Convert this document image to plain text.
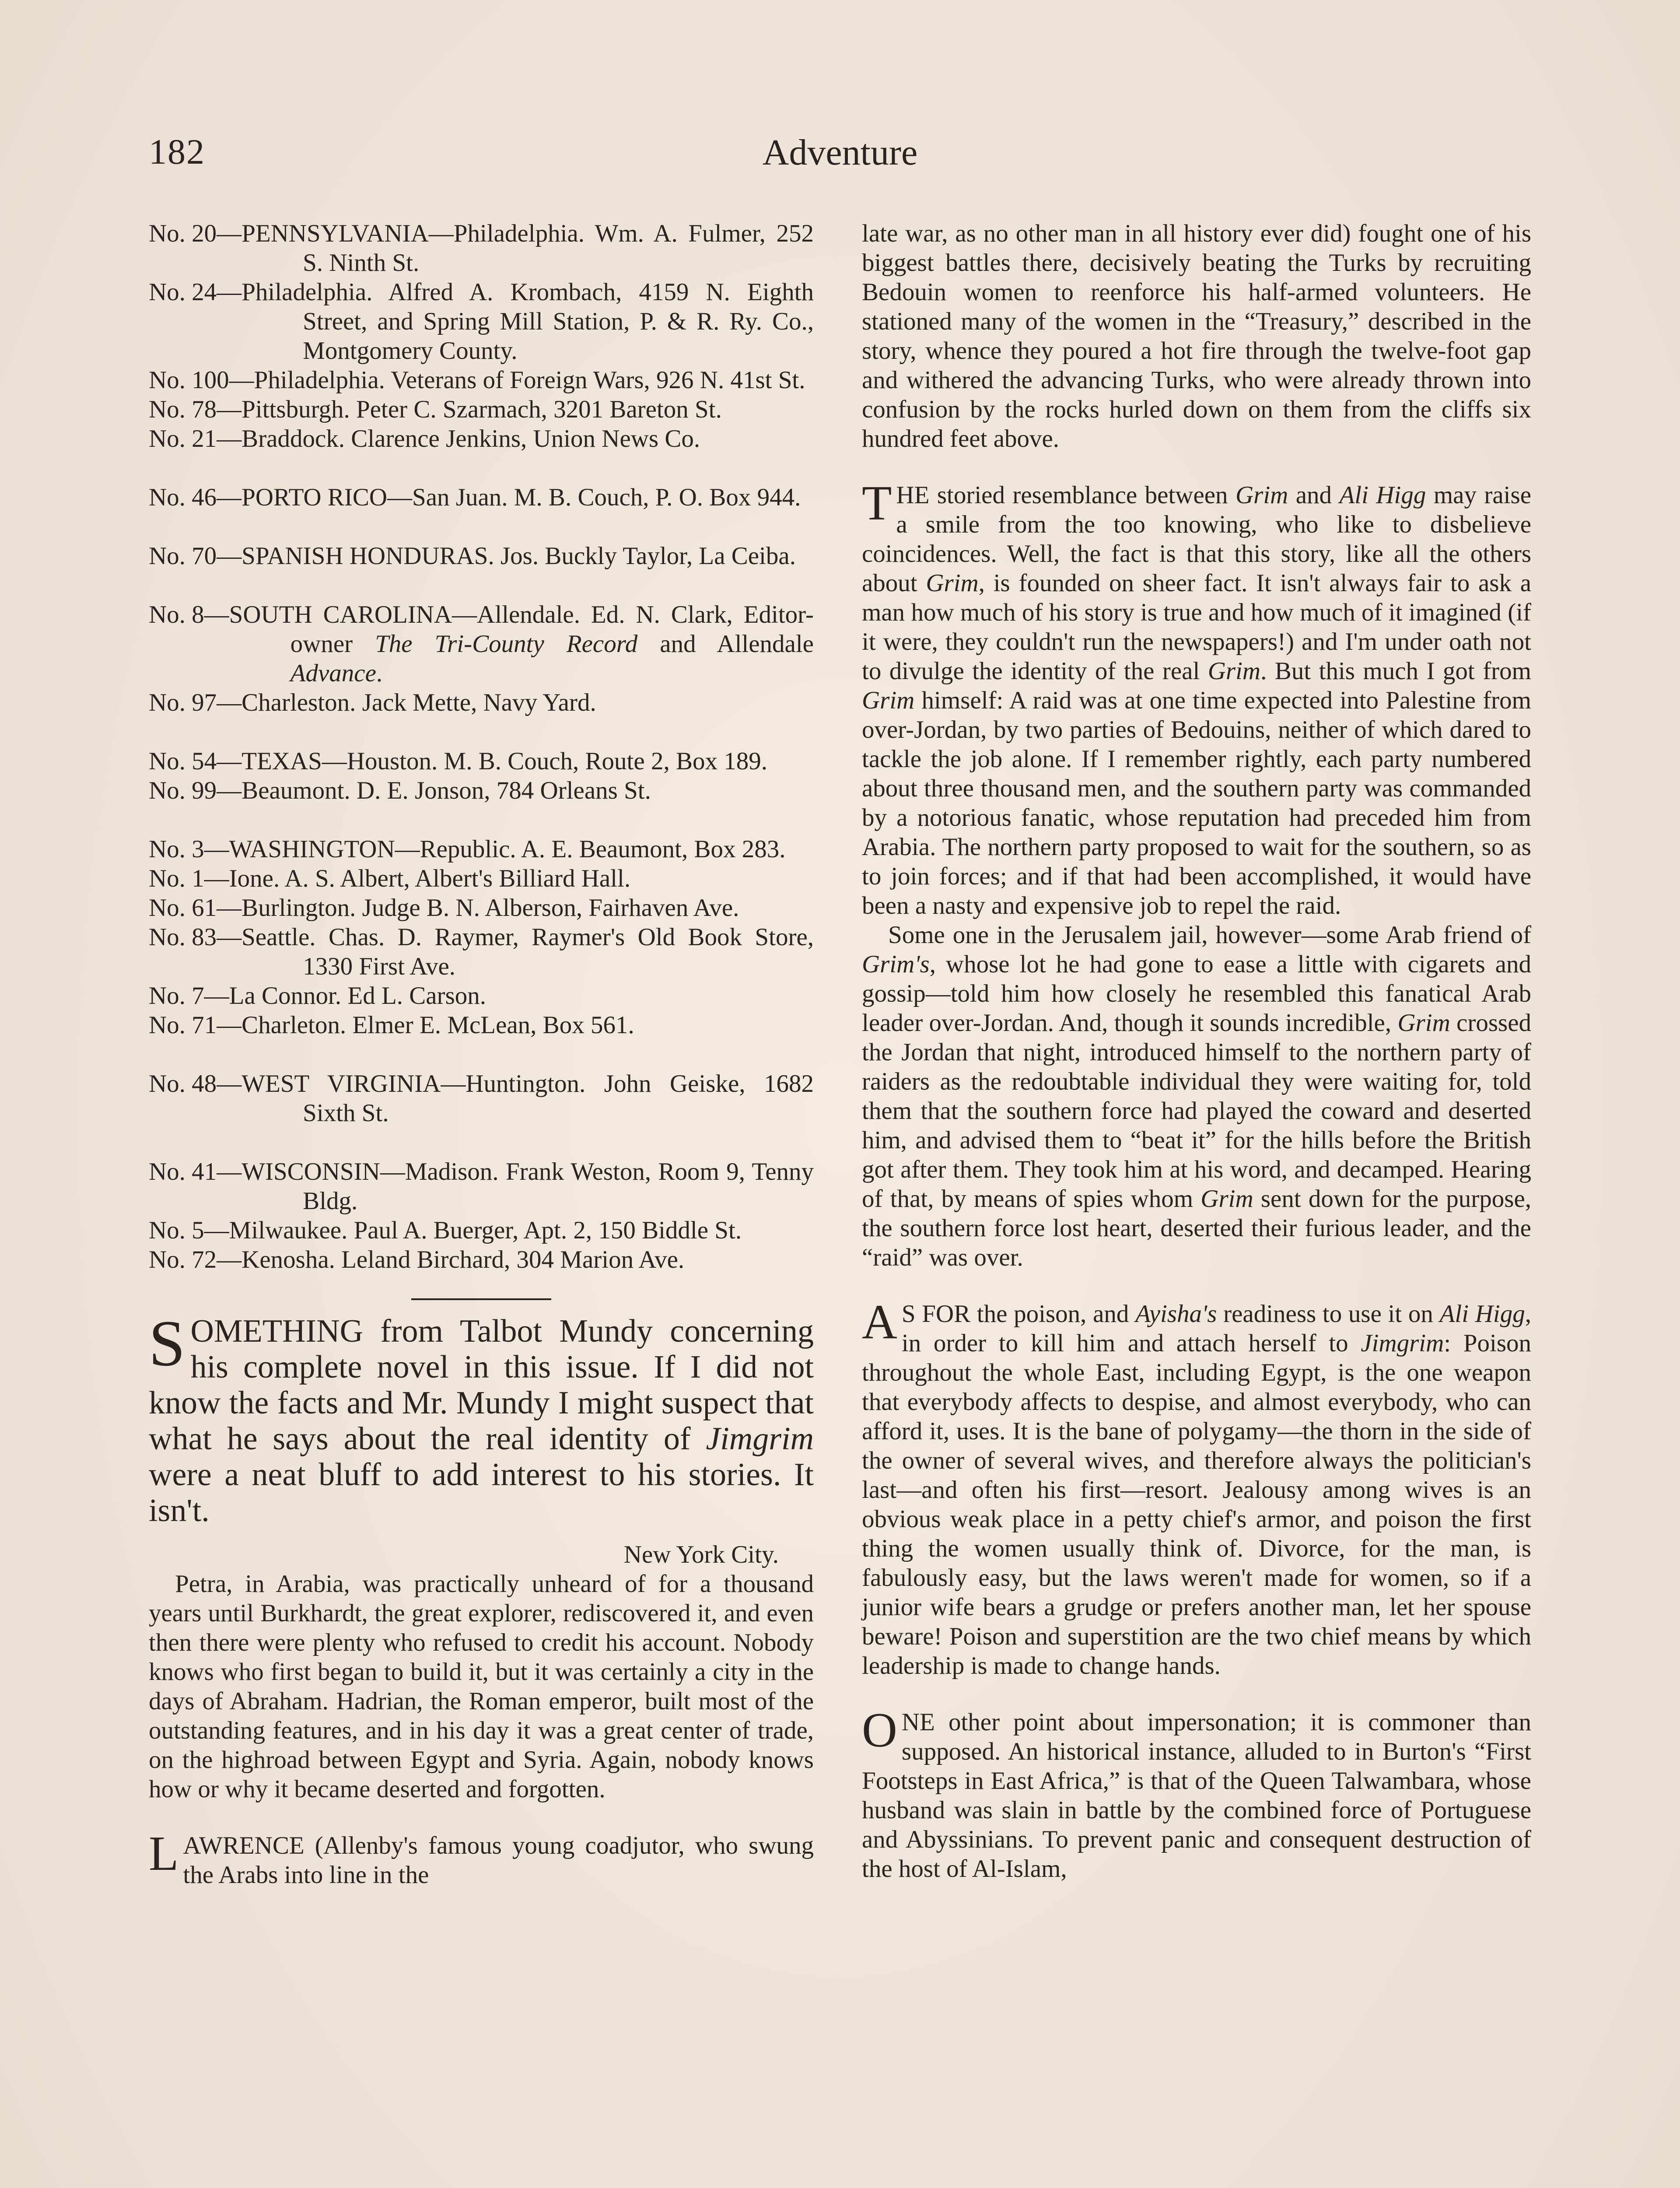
182	Adventure
No. 20— PENNSYLVANIA—Philadelphia. Wm. A. Fulmer, 252 S. Ninth St.
No. 24— Philadelphia. Alfred A. Krombach, 4159 N. Eighth Street, and Spring Mill Station, P. & R. Ry. Co., Montgomery County.
No. 100— Philadelphia. Veterans of Foreign Wars, 926 N. 41st St.
No. 78— Pittsburgh. Peter C. Szarmach, 3201 Bareton St.
No. 21— Braddock. Clarence Jenkins, Union News Co.
No. 46— PORTO RICO—San Juan. M. B. Couch, P. O. Box 944.
No. 70— SPANISH HONDURAS. Jos. Buckly Taylor, La Ceiba.
No. 8— SOUTH CAROLINA—Allendale. Ed. N. Clark, Editor-owner The Tri-County Record and Allendale Advance.
No. 97— Charleston. Jack Mette, Navy Yard.
No. 54— TEXAS—Houston. M. B. Couch, Route 2, Box 189.
No. 99— Beaumont. D. E. Jonson, 784 Orleans St.
No. 3— WASHINGTON—Republic. A. E. Beaumont, Box 283.
No. 1— Ione. A. S. Albert, Albert's Billiard Hall.
No. 61— Burlington. Judge B. N. Alberson, Fairhaven Ave.
No. 83— Seattle. Chas. D. Raymer, Raymer's Old Book Store, 1330 First Ave.
No. 7— La Connor. Ed L. Carson.
No. 71— Charleton. Elmer E. McLean, Box 561.
No. 48— WEST VIRGINIA—Huntington. John Geiske, 1682 Sixth St.
No. 41— WISCONSIN—Madison. Frank Weston, Room 9, Tenny Bldg.
No. 5— Milwaukee. Paul A. Buerger, Apt. 2, 150 Biddle St.
No. 72— Kenosha. Leland Birchard, 304 Marion Ave.
SOMETHING from Talbot Mundy concerning his complete novel in this issue. If I did not know the facts and Mr. Mundy I might suspect that what he says about the real identity of Jimgrim were a neat bluff to add interest to his stories. It isn't.
New York City.
Petra, in Arabia, was practically unheard of for a thousand years until Burkhardt, the great explorer, rediscovered it, and even then there were plenty who refused to credit his account. Nobody knows who first began to build it, but it was certainly a city in the days of Abraham. Hadrian, the Roman emperor, built most of the outstanding features, and in his day it was a great center of trade, on the highroad between Egypt and Syria. Again, nobody knows how or why it became deserted and forgotten.
LAWRENCE (Allenby's famous young coadjutor, who swung the Arabs into line in the
late war, as no other man in all history ever did) fought one of his biggest battles there, decisively beating the Turks by recruiting Bedouin women to reenforce his half-armed volunteers. He stationed many of the women in the “Treasury,” described in the story, whence they poured a hot fire through the twelve-foot gap and withered the advancing Turks, who were already thrown into confusion by the rocks hurled down on them from the cliffs six hundred feet above.
THE storied resemblance between Grim and Ali Higg may raise a smile from the too knowing, who like to disbelieve coincidences. Well, the fact is that this story, like all the others about Grim, is founded on sheer fact. It isn't always fair to ask a man how much of his story is true and how much of it imagined (if it were, they couldn't run the newspapers!) and I'm under oath not to divulge the identity of the real Grim. But this much I got from Grim himself: A raid was at one time expected into Palestine from over-Jordan, by two parties of Bedouins, neither of which dared to tackle the job alone. If I remember rightly, each party numbered about three thousand men, and the southern party was commanded by a notorious fanatic, whose reputation had preceded him from Arabia. The northern party proposed to wait for the southern, so as to join forces; and if that had been accomplished, it would have been a nasty and expensive job to repel the raid.
Some one in the Jerusalem jail, however—some Arab friend of Grim's, whose lot he had gone to ease a little with cigarets and gossip—told him how closely he resembled this fanatical Arab leader over-Jordan. And, though it sounds incredible, Grim crossed the Jordan that night, introduced himself to the northern party of raiders as the redoubtable individual they were waiting for, told them that the southern force had played the coward and deserted him, and advised them to “beat it” for the hills before the British got after them. They took him at his word, and decamped. Hearing of that, by means of spies whom Grim sent down for the purpose, the southern force lost heart, deserted their furious leader, and the “raid” was over.
A S FOR the poison, and Ayisha's readiness to use it on Ali Higg, in order to kill him and attach herself to Jimgrim: Poison throughout the whole East, including Egypt, is the one weapon that everybody affects to despise, and almost everybody, who can afford it, uses. It is the bane of polygamy—the thorn in the side of the owner of several wives, and therefore always the politician's last—and often his first—resort. Jealousy among wives is an obvious weak place in a petty chief's armor, and poison the first thing the women usually think of. Divorce, for the man, is fabulously easy, but the laws weren't made for women, so if a junior wife bears a grudge or prefers another man, let her spouse beware! Poison and superstition are the two chief means by which leadership is made to change hands.
ONE other point about impersonation; it is commoner than supposed. An historical instance, alluded to in Burton's “First Footsteps in East Africa,” is that of the Queen Talwambara, whose husband was slain in battle by the combined force of Portuguese and Abyssinians. To prevent panic and consequent destruction of the host of Al-Islam,
